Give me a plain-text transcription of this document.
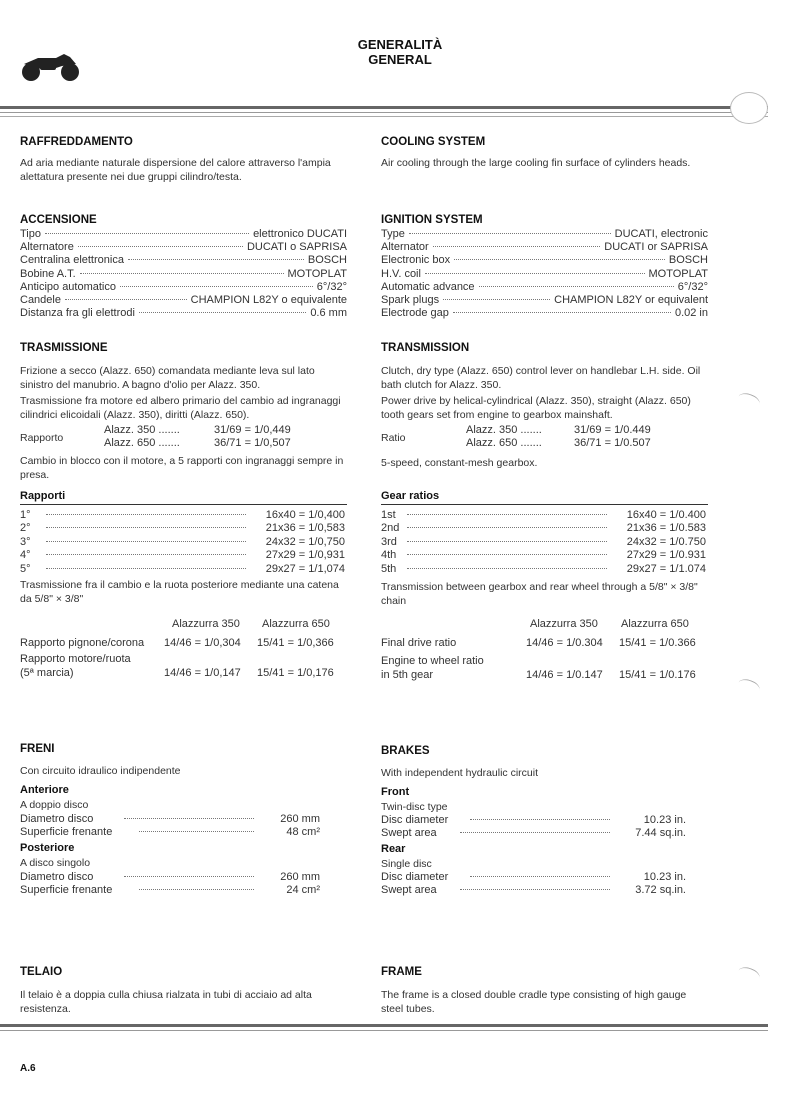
GENERALITÀ
GENERAL
RAFFREDDAMENTO
Ad aria mediante naturale dispersione del calore attraverso l'ampia alettatura presente nei due gruppi cilindro/testa.
ACCENSIONE
Tipo	elettronico DUCATI
Alternatore	DUCATI o SAPRISA
Centralina elettronica	BOSCH
Bobine A.T.	MOTOPLAT
Anticipo automatico	6°/32°
Candele	CHAMPION L82Y o equivalente
Distanza fra gli elettrodi	0.6 mm
TRASMISSIONE
Frizione a secco (Alazz. 650) comandata mediante leva sul lato sinistro del manubrio. A bagno d'olio per Alazz. 350.
Trasmissione fra motore ed albero primario del cambio ad ingranaggi cilindrici elicoidali (Alazz. 350), diritti (Alazz. 650).
Rapporto
Alazz. 350 .......	31/69 = 1/0,449
Alazz. 650 .......	36/71 = 1/0,507
Cambio in blocco con il motore, a 5 rapporti con ingranaggi sempre in presa.
Rapporti
1°	16x40 = 1/0,400
2°	21x36 = 1/0,583
3°	24x32 = 1/0,750
4°	27x29 = 1/0,931
5°	29x27 = 1/1,074
Trasmissione fra il cambio e la ruota posteriore mediante una catena da 5/8" × 3/8"
Alazzurra 350 Alazzurra 650
Rapporto pignone/corona 14/46 = 1/0,304 15/41 = 1/0,366
Rapporto motore/ruota
(5ª marcia)	14/46 = 1/0,147 15/41 = 1/0,176
FRENI
Con circuito idraulico indipendente
Anteriore
A doppio disco
Diametro disco	260 mm
Superficie frenante	48 cm²
Posteriore
A disco singolo
Diametro disco	260 mm
Superficie frenante	24 cm²
TELAIO
Il telaio è a doppia culla chiusa rialzata in tubi di acciaio ad alta resistenza.
COOLING SYSTEM
Air cooling through the large cooling fin surface of cylinders heads.
IGNITION SYSTEM
Type	DUCATI, electronic
Alternator	DUCATI or SAPRISA
Electronic box	BOSCH
H.V. coil	MOTOPLAT
Automatic advance	6°/32°
Spark plugs	CHAMPION L82Y or equivalent
Electrode gap	0.02 in
TRANSMISSION
Clutch, dry type (Alazz. 650) control lever on handlebar L.H. side. Oil bath clutch for Alazz. 350.
Power drive by helical-cylindrical (Alazz. 350), straight (Alazz. 650) tooth gears set from engine to gearbox mainshaft.
Ratio
Alazz. 350 .......	31/69 = 1/0.449
Alazz. 650 .......	36/71 = 1/0.507
5-speed, constant-mesh gearbox.
Gear ratios
1st	16x40 = 1/0.400
2nd	21x36 = 1/0.583
3rd	24x32 = 1/0.750
4th	27x29 = 1/0.931
5th	29x27 = 1/1.074
Transmission between gearbox and rear wheel through a 5/8" × 3/8" chain
Alazzurra 350 Alazzurra 650
Final drive ratio	14/46 = 1/0.304 15/41 = 1/0.366
Engine to wheel ratio
in 5th gear	14/46 = 1/0.147 15/41 = 1/0.176
BRAKES
With independent hydraulic circuit
Front
Twin-disc type
Disc diameter	10.23 in.
Swept area	7.44 sq.in.
Rear
Single disc
Disc diameter	10.23 in.
Swept area	3.72 sq.in.
FRAME
The frame is a closed double cradle type consisting of high gauge steel tubes.
A.6
